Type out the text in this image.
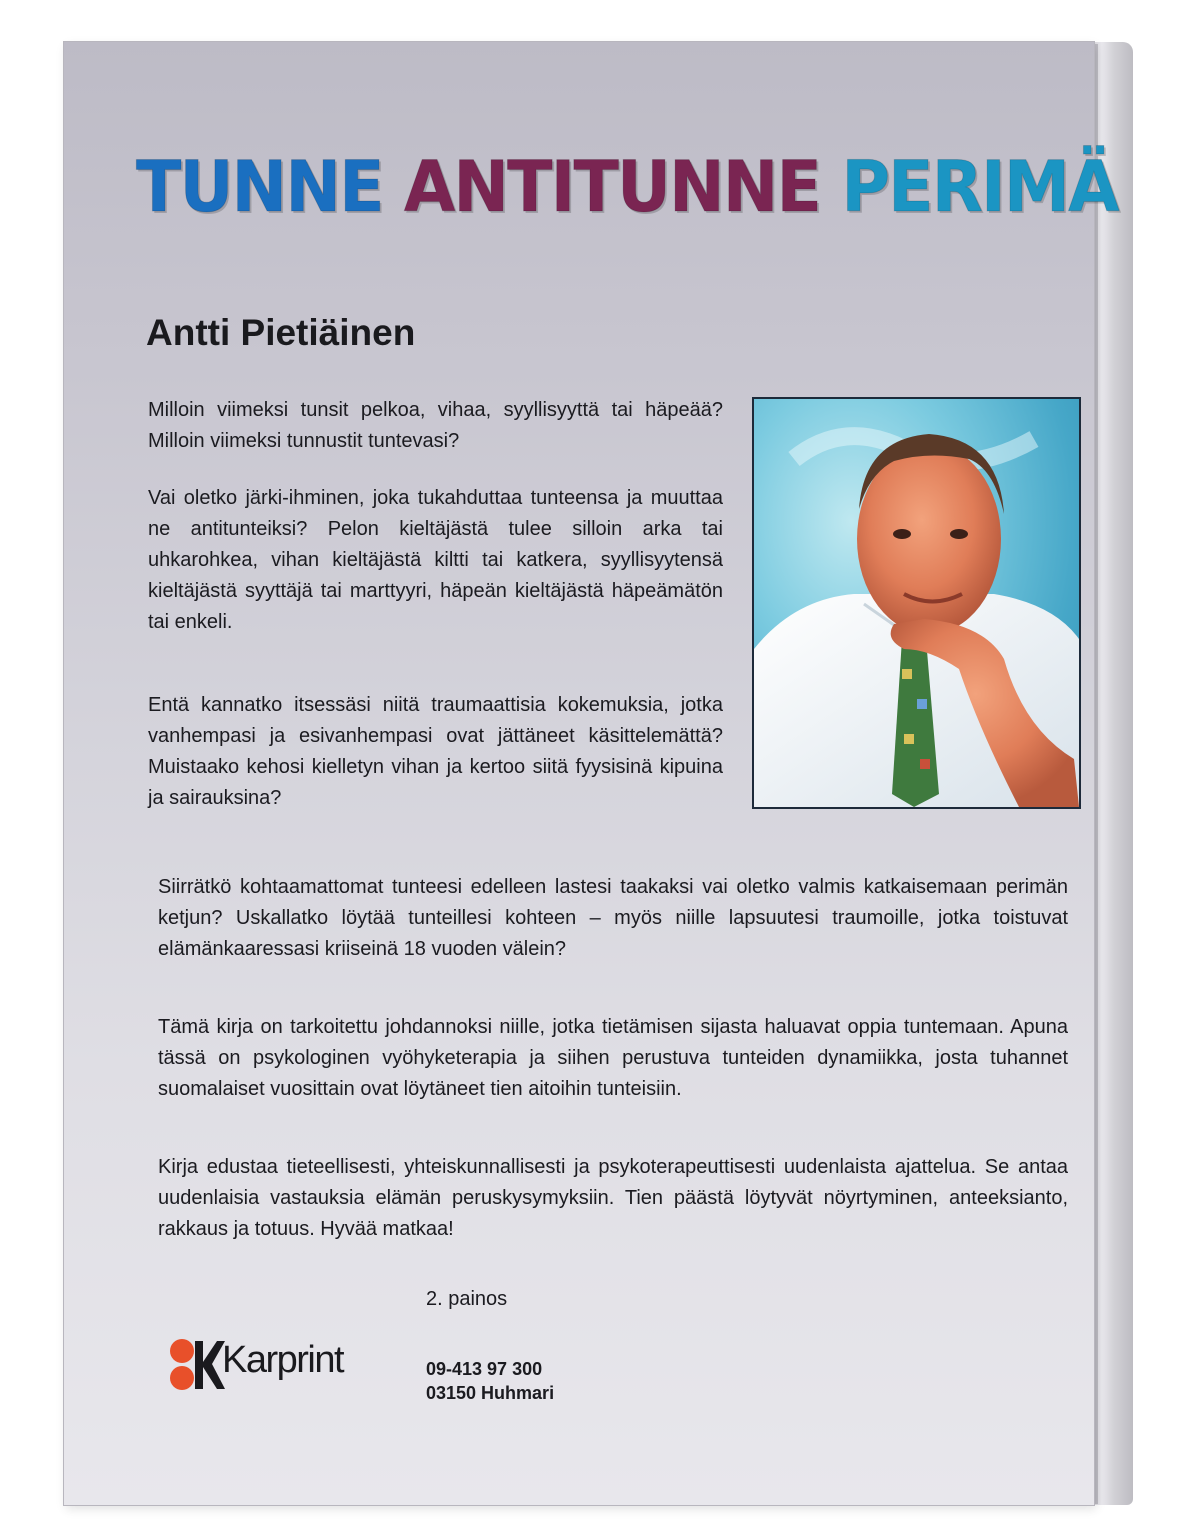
TUNNE ANTITUNNE PERIMÄ
Antti Pietiäinen

Milloin viimeksi tunsit pelkoa, vihaa, syyllisyyttä tai häpeää? Milloin viimeksi tunnustit tuntevasi?

Vai oletko järki-ihminen, joka tukahduttaa tunteensa ja muuttaa ne antitunteiksi? Pelon kieltäjästä tulee silloin arka tai uhkarohkea, vihan kieltäjästä kiltti tai katkera, syyllisyytensä kieltäjästä syyttäjä tai marttyyri, häpeän kieltäjästä häpeämätön tai enkeli.

Entä kannatko itsessäsi niitä traumaattisia kokemuksia, jotka vanhempasi ja esivanhempasi ovat jättäneet käsittelemättä? Muistaako kehosi kielletyn vihan ja kertoo siitä fyysisinä kipuina ja sairauksina?

Siirrätkö kohtaamattomat tunteesi edelleen lastesi taakaksi vai oletko valmis katkaisemaan perimän ketjun? Uskallatko löytää tunteillesi kohteen – myös niille lapsuutesi traumoille, jotka toistuvat elämänkaaressasi kriiseinä 18 vuoden välein?

Tämä kirja on tarkoitettu johdannoksi niille, jotka tietämisen sijasta haluavat oppia tuntemaan. Apuna tässä on psykologinen vyöhyketerapia ja siihen perustuva tunteiden dynamiikka, josta tuhannet suomalaiset vuosittain ovat löytäneet tien aitoihin tunteisiin.

Kirja edustaa tieteellisesti, yhteiskunnallisesti ja psykoterapeuttisesti uudenlaista ajattelua. Se antaa uudenlaisia vastauksia elämän peruskysymyksiin. Tien päästä löytyvät nöyrtyminen, anteeksianto, rakkaus ja totuus. Hyvää matkaa!

2. painos
Karprint	09-413 97 300
03150 Huhmari
